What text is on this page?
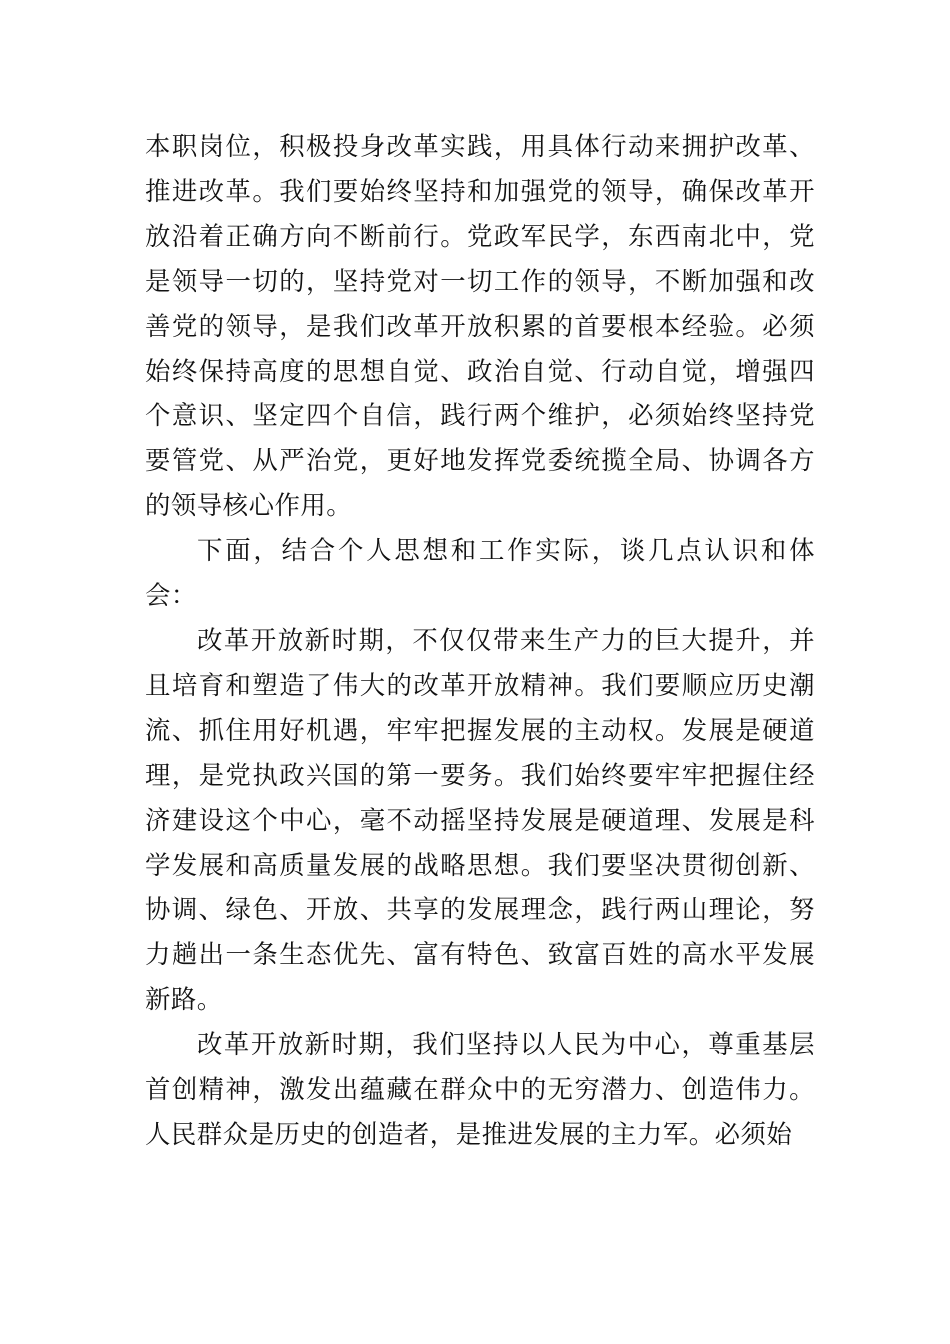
本职岗位，积极投身改革实践，用具体行动来拥护改革、推进改革。我们要始终坚持和加强党的领导，确保改革开放沿着正确方向不断前行。党政军民学，东西南北中，党是领导一切的，坚持党对一切工作的领导，不断加强和改善党的领导，是我们改革开放积累的首要根本经验。必须始终保持高度的思想自觉、政治自觉、行动自觉，增强四个意识、坚定四个自信，践行两个维护，必须始终坚持党要管党、从严治党，更好地发挥党委统揽全局、协调各方的领导核心作用。

下面，结合个人思想和工作实际，谈几点认识和体会：

改革开放新时期，不仅仅带来生产力的巨大提升，并且培育和塑造了伟大的改革开放精神。我们要顺应历史潮流、抓住用好机遇，牢牢把握发展的主动权。发展是硬道理，是党执政兴国的第一要务。我们始终要牢牢把握住经济建设这个中心，毫不动摇坚持发展是硬道理、发展是科学发展和高质量发展的战略思想。我们要坚决贯彻创新、协调、绿色、开放、共享的发展理念，践行两山理论，努力趟出一条生态优先、富有特色、致富百姓的高水平发展新路。

改革开放新时期，我们坚持以人民为中心，尊重基层首创精神，激发出蕴藏在群众中的无穷潜力、创造伟力。人民群众是历史的创造者，是推进发展的主力军。必须始
